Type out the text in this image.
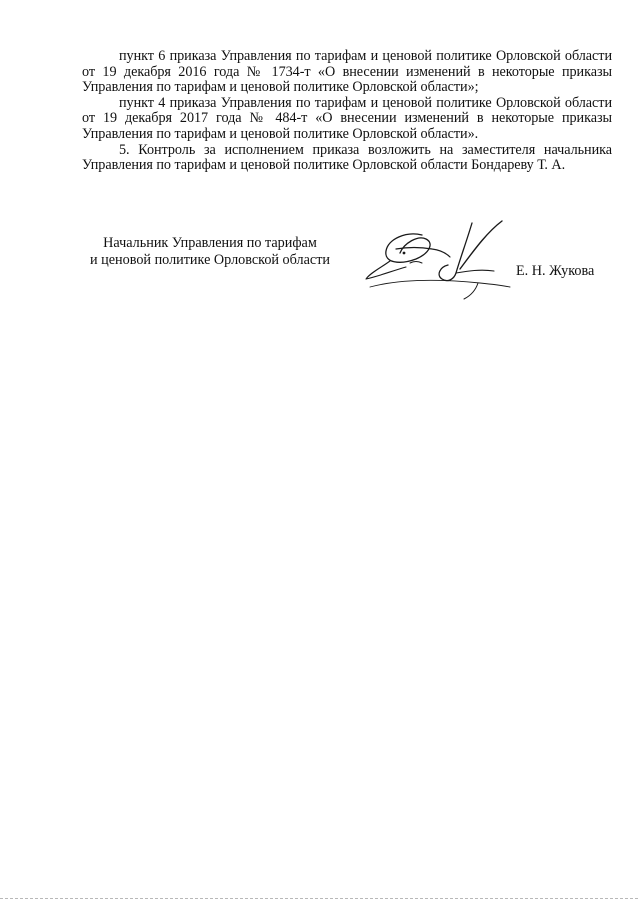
пункт 6 приказа Управления по тарифам и ценовой политике Орловской области от 19 декабря 2016 года № 1734-т «О внесении изменений в некоторые приказы Управления по тарифам и ценовой политике Орловской области»;

пункт 4 приказа Управления по тарифам и ценовой политике Орловской области от 19 декабря 2017 года № 484-т «О внесении изменений в некоторые приказы Управления по тарифам и ценовой политике Орловской области».

5. Контроль за исполнением приказа возложить на заместителя начальника Управления по тарифам и ценовой политике Орловской области Бондареву Т. А.

Начальник Управления по тарифам
и ценовой политике Орловской области
Е. Н. Жукова
